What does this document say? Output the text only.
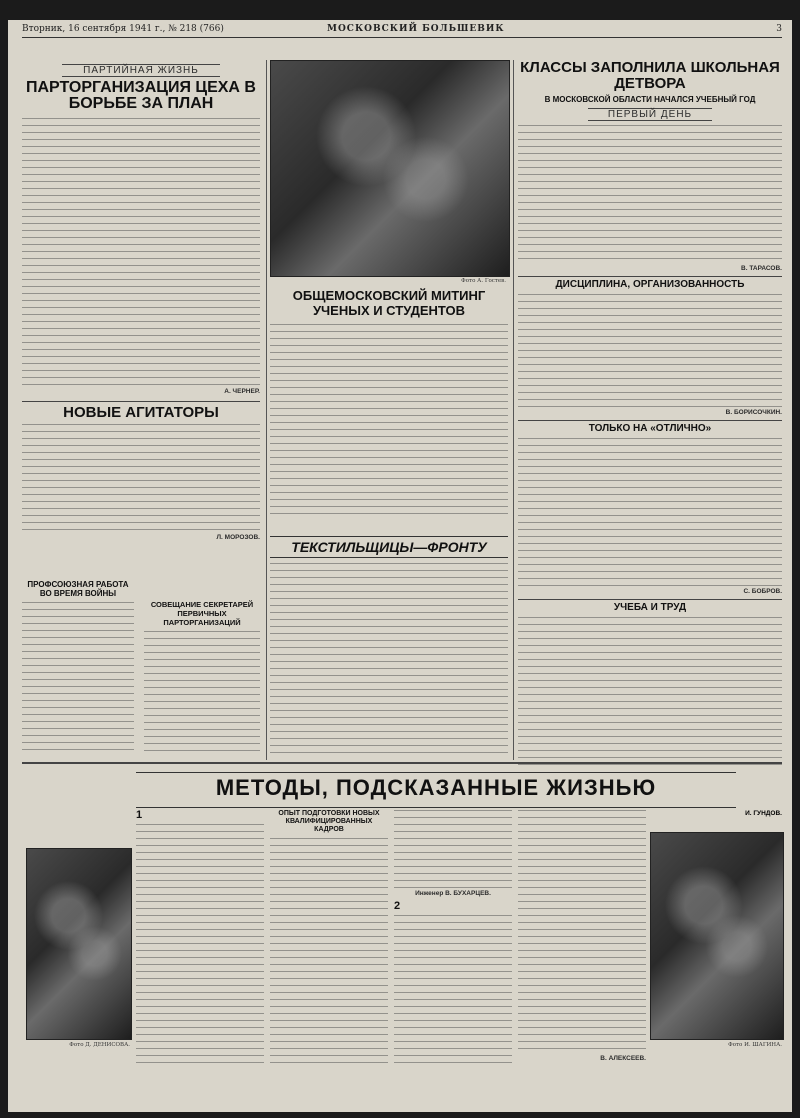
Вторник, 16 сентября 1941 г., № 218 (766)	МОСКОВСКИЙ БОЛЬШЕВИК	3
ПАРТИЙНАЯ ЖИЗНЬ
ПАРТОРГАНИЗАЦИЯ ЦЕХА В БОРЬБЕ ЗА ПЛАН
А. ЧЕРНЕР.
НОВЫЕ АГИТАТОРЫ
Л. МОРОЗОВ.
ПРОФСОЮЗНАЯ РАБОТА ВО ВРЕМЯ ВОЙНЫ
СОВЕЩАНИЕ СЕКРЕТАРЕЙ ПЕРВИЧНЫХ ПАРТОРГАНИЗАЦИЙ
Фото А. Гостев.
ОБЩЕМОСКОВСКИЙ МИТИНГ УЧЕНЫХ И СТУДЕНТОВ
ТЕКСТИЛЬЩИЦЫ—ФРОНТУ
КЛАССЫ ЗАПОЛНИЛА ШКОЛЬНАЯ ДЕТВОРА
В МОСКОВСКОЙ ОБЛАСТИ НАЧАЛСЯ УЧЕБНЫЙ ГОД
ПЕРВЫЙ ДЕНЬ
В. ТАРАСОВ.
ДИСЦИПЛИНА, ОРГАНИЗОВАННОСТЬ
В. БОРИСОЧКИН.
ТОЛЬКО НА «ОТЛИЧНО»
С. БОБРОВ.
УЧЕБА И ТРУД
МЕТОДЫ, ПОДСКАЗАННЫЕ ЖИЗНЬЮ
1	ОПЫТ ПОДГОТОВКИ НОВЫХ КВАЛИФИЦИРОВАННЫХ КАДРОВ
Инженер В. БУХАРЦЕВ.
2
В. АЛЕКСЕЕВ.
Фото Д. ДЕНИСОВА.	Фото И. ШАГИНА.
И. ГУНДОВ.
